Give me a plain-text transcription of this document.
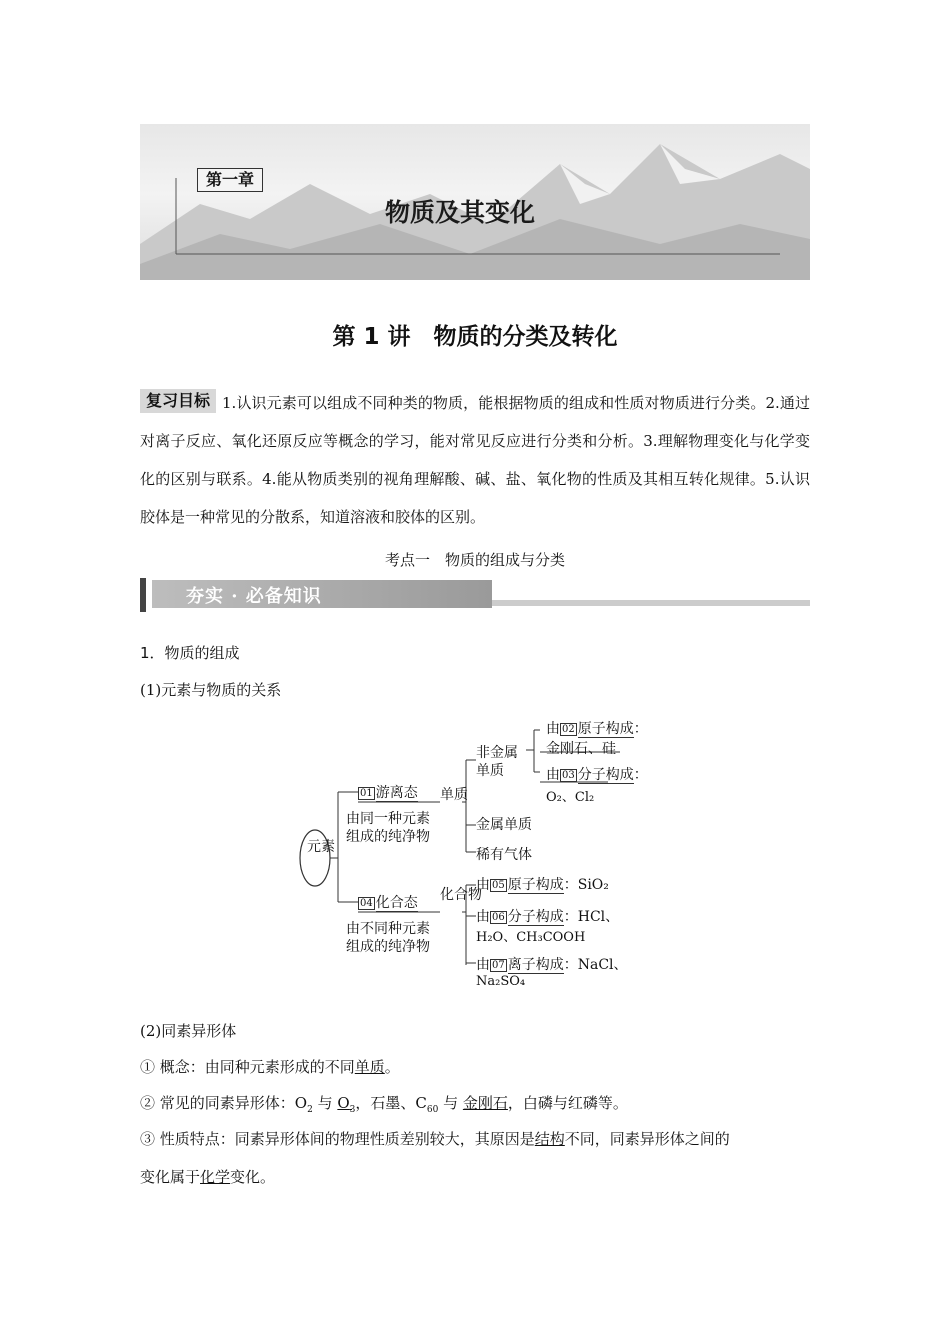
第一章
物质及其变化
第 1 讲　物质的分类及转化
复习目标 1.认识元素可以组成不同种类的物质，能根据物质的组成和性质对物质进行分类。2.通过对离子反应、氧化还原反应等概念的学习，能对常见反应进行分类和分析。3.理解物理变化与化学变化的区别与联系。4.能从物质类别的视角理解酸、碱、盐、氧化物的性质及其相互转化规律。5.认识胶体是一种常见的分散系，知道溶液和胶体的区别。
考点一　物质的组成与分类
夯实 · 必备知识
1．物质的组成
(1)元素与物质的关系
元素
01 游离态
由同一种元素
组成的纯净物
04 化合态
由不同种元素
组成的纯净物
单质
化合物
非金属
单质
由 02 原子构成：
金刚石、硅
由 03 分子构成：
O₂、Cl₂
金属单质
稀有气体
由 05 原子构成：SiO₂
由 06 分子构成：HCl、
H₂O、CH₃COOH
由 07 离子构成：NaCl、
Na₂SO₄
(2)同素异形体
① 概念：由同种元素形成的不同单质。
② 常见的同素异形体：$O_2$ 与 $O_3$，石墨、$C_{60}$ 与 金刚石，白磷与红磷等。
③ 性质特点：同素异形体间的物理性质差别较大，其原因是结构不同，同素异形体之间的
变化属于化学变化。
